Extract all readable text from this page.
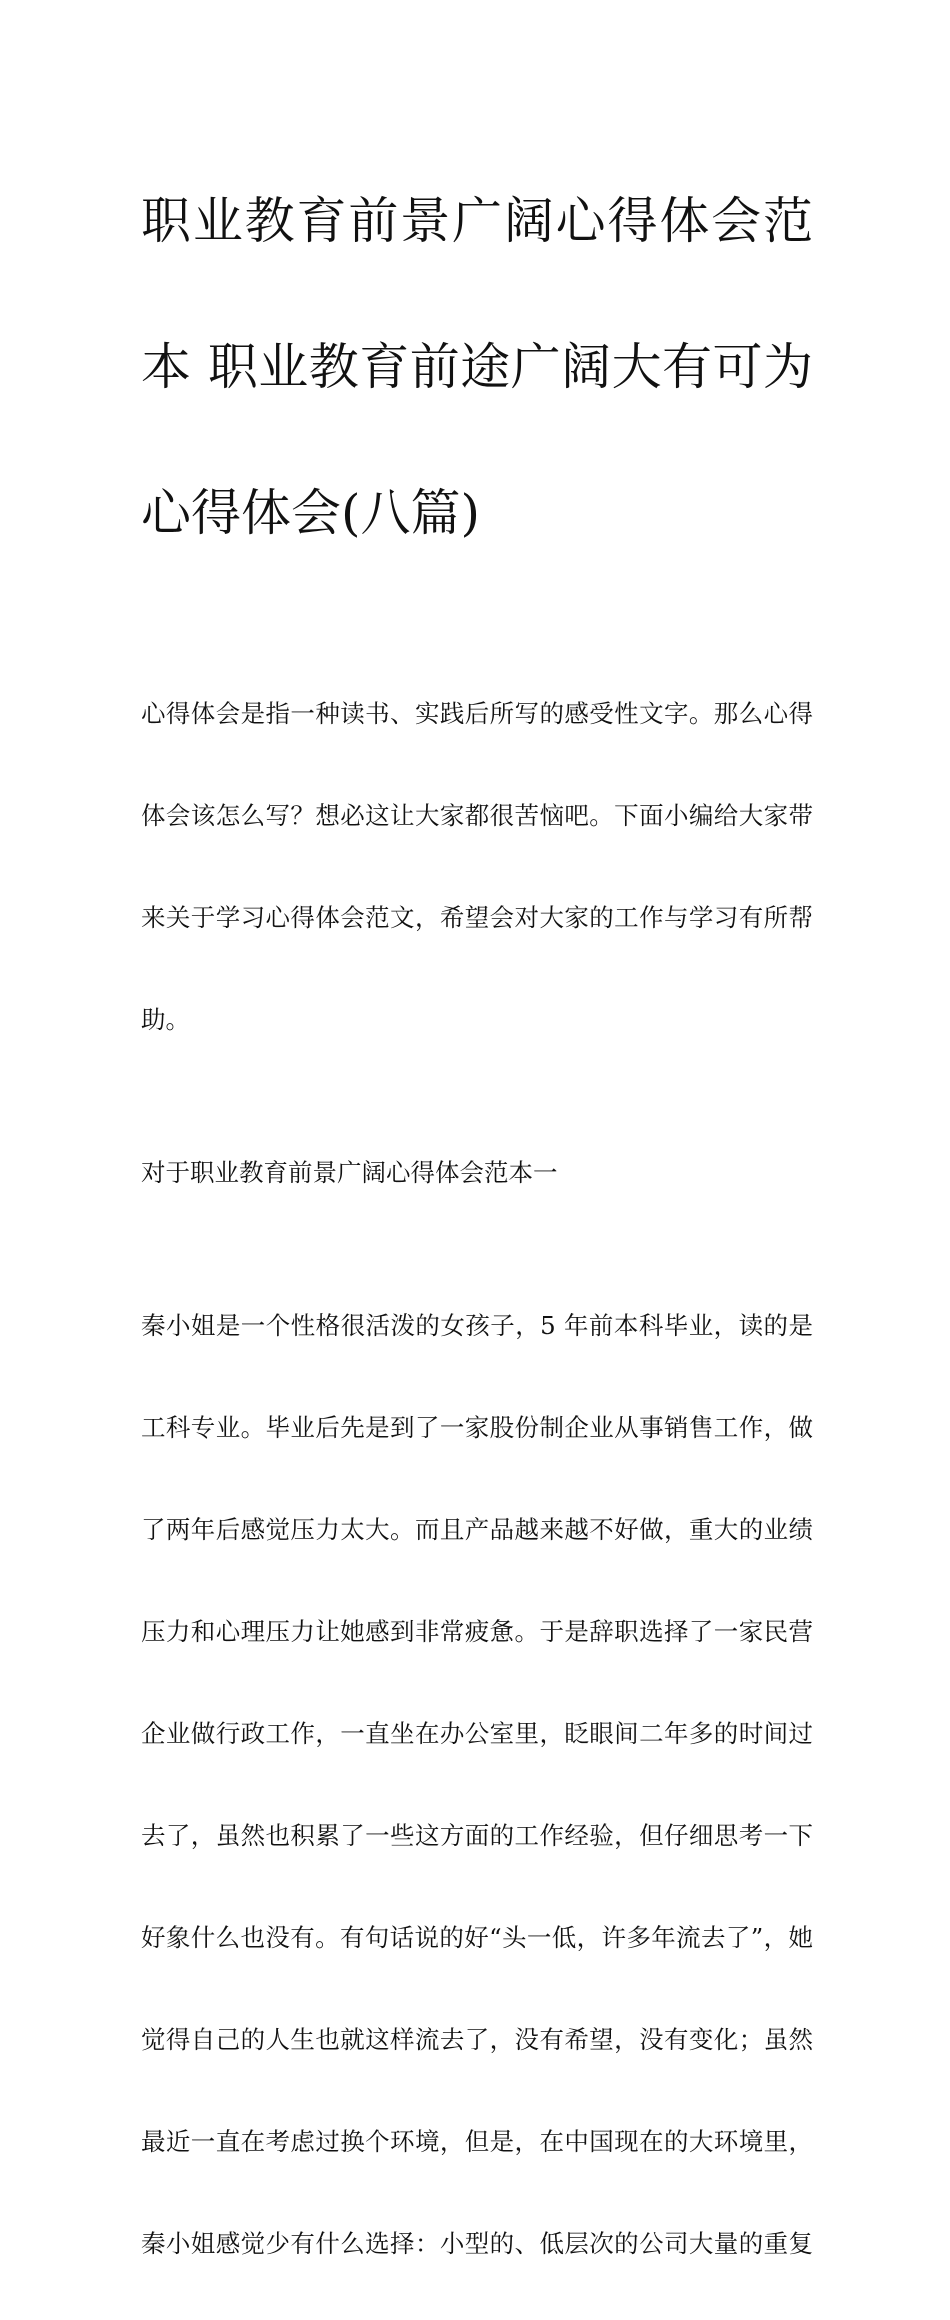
职业教育前景广阔心得体会范

本 职业教育前途广阔大有可为

心得体会(八篇)

心得体会是指一种读书、实践后所写的感受性文字。那么心得

体会该怎么写？想必这让大家都很苦恼吧。下面小编给大家带

来关于学习心得体会范文，希望会对大家的工作与学习有所帮

助。

对于职业教育前景广阔心得体会范本一

秦小姐是一个性格很活泼的女孩子，5 年前本科毕业，读的是

工科专业。毕业后先是到了一家股份制企业从事销售工作，做

了两年后感觉压力太大。而且产品越来越不好做，重大的业绩

压力和心理压力让她感到非常疲惫。于是辞职选择了一家民营

企业做行政工作，一直坐在办公室里，眨眼间二年多的时间过

去了，虽然也积累了一些这方面的工作经验，但仔细思考一下

好象什么也没有。有句话说的好“头一低，许多年流去了”，她

觉得自己的人生也就这样流去了，没有希望，没有变化；虽然

最近一直在考虑过换个环境，但是，在中国现在的大环境里，

秦小姐感觉少有什么选择：小型的、低层次的公司大量的重复
